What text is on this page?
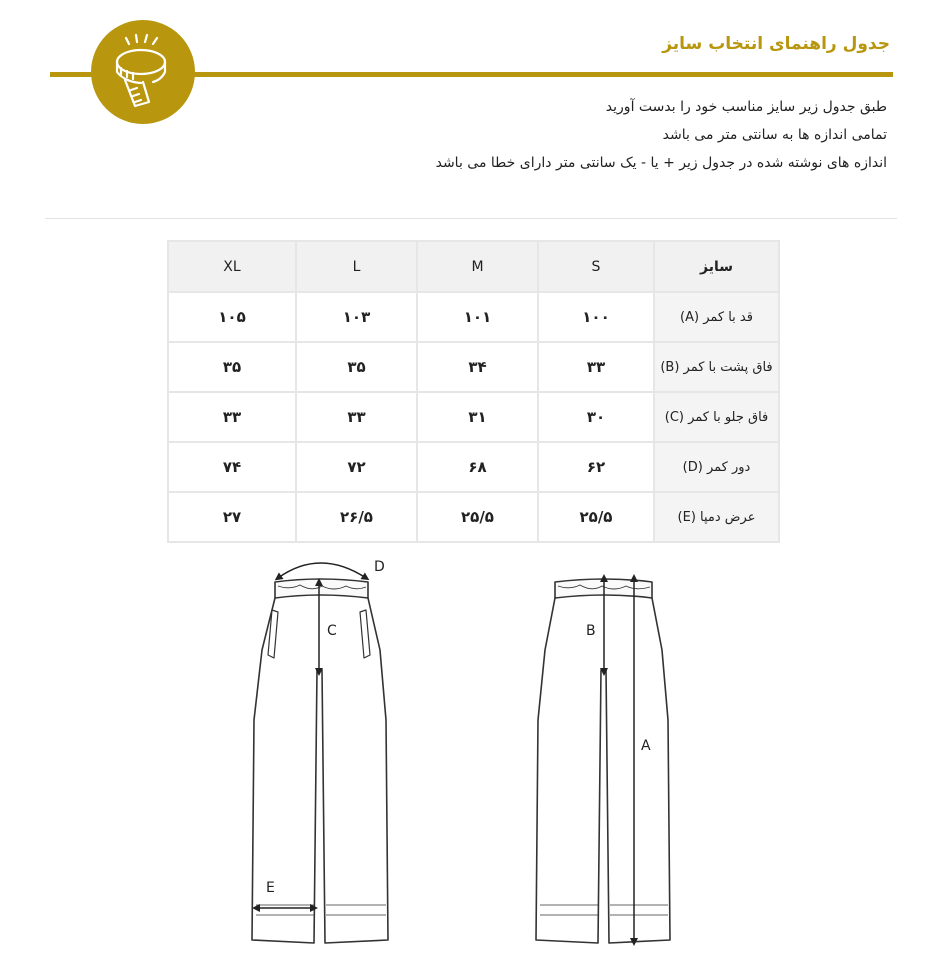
جدول راهنمای انتخاب سایز
طبق جدول زیر سایز مناسب خود را بدست آورید
تمامی اندازه ها به سانتی متر می باشد
اندازه های نوشته شده در جدول زیر + یا - یک سانتی متر دارای خطا می باشد
سایز	S	M	L	XL
قد با کمر (A)	۱۰۰	۱۰۱	۱۰۳	۱۰۵
فاق پشت با کمر (B)	۳۳	۳۴	۳۵	۳۵
فاق جلو با کمر (C)	۳۰	۳۱	۳۳	۳۳
دور کمر (D)	۶۲	۶۸	۷۲	۷۴
عرض دمپا (E)	۲۵/۵	۲۵/۵	۲۶/۵	۲۷
D
C
E
B
A
